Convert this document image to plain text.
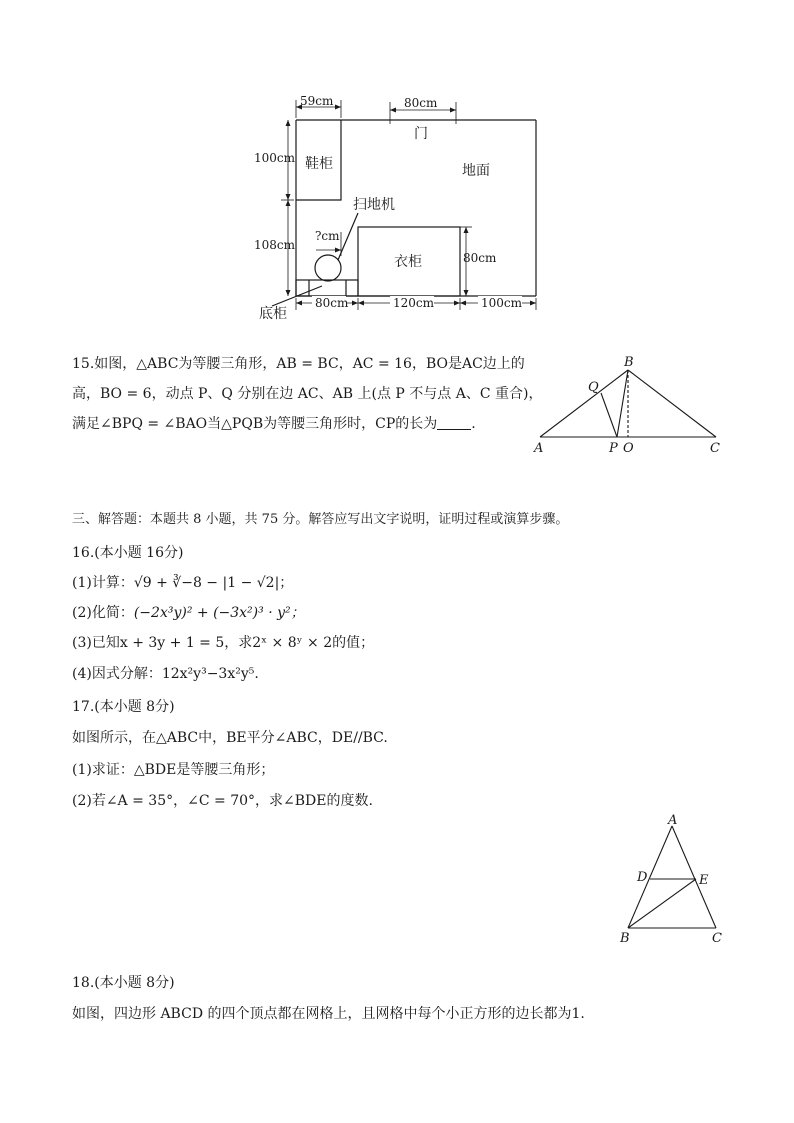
59cm	80cm
门
100cm 鞋柜	地面
扫地机
?cm
108cm
衣柜	80cm
底柜
80cm	120cm	100cm
15.如图，△ABC为等腰三角形，AB = BC，AC = 16，BO是AC边上的
高，BO = 6，动点 P、Q 分别在边 AC、AB 上(点 P 不与点 A、C 重合)，
满足∠BPQ = ∠BAO当△PQB为等腰三角形时，CP的长为 .
B
Q
A	P O	C
三、解答题：本题共 8 小题，共 75 分。解答应写出文字说明，证明过程或演算步骤。
16.(本小题 16分)
(1)计算：√9 + ∛−8 − |1 − √2|；
(2)化简：(−2x³y)² + (−3x²)³ · y²；
(3)已知x + 3y + 1 = 5，求2ˣ × 8ʸ × 2的值；
(4)因式分解：12x²y³−3x²y⁵.
17.(本小题 8分)
如图所示，在△ABC中，BE平分∠ABC，DE//BC.
(1)求证：△BDE是等腰三角形；
(2)若∠A = 35°，∠C = 70°，求∠BDE的度数.
A
D	E
B	C
18.(本小题 8分)
如图，四边形 ABCD 的四个顶点都在网格上，且网格中每个小正方形的边长都为1.
